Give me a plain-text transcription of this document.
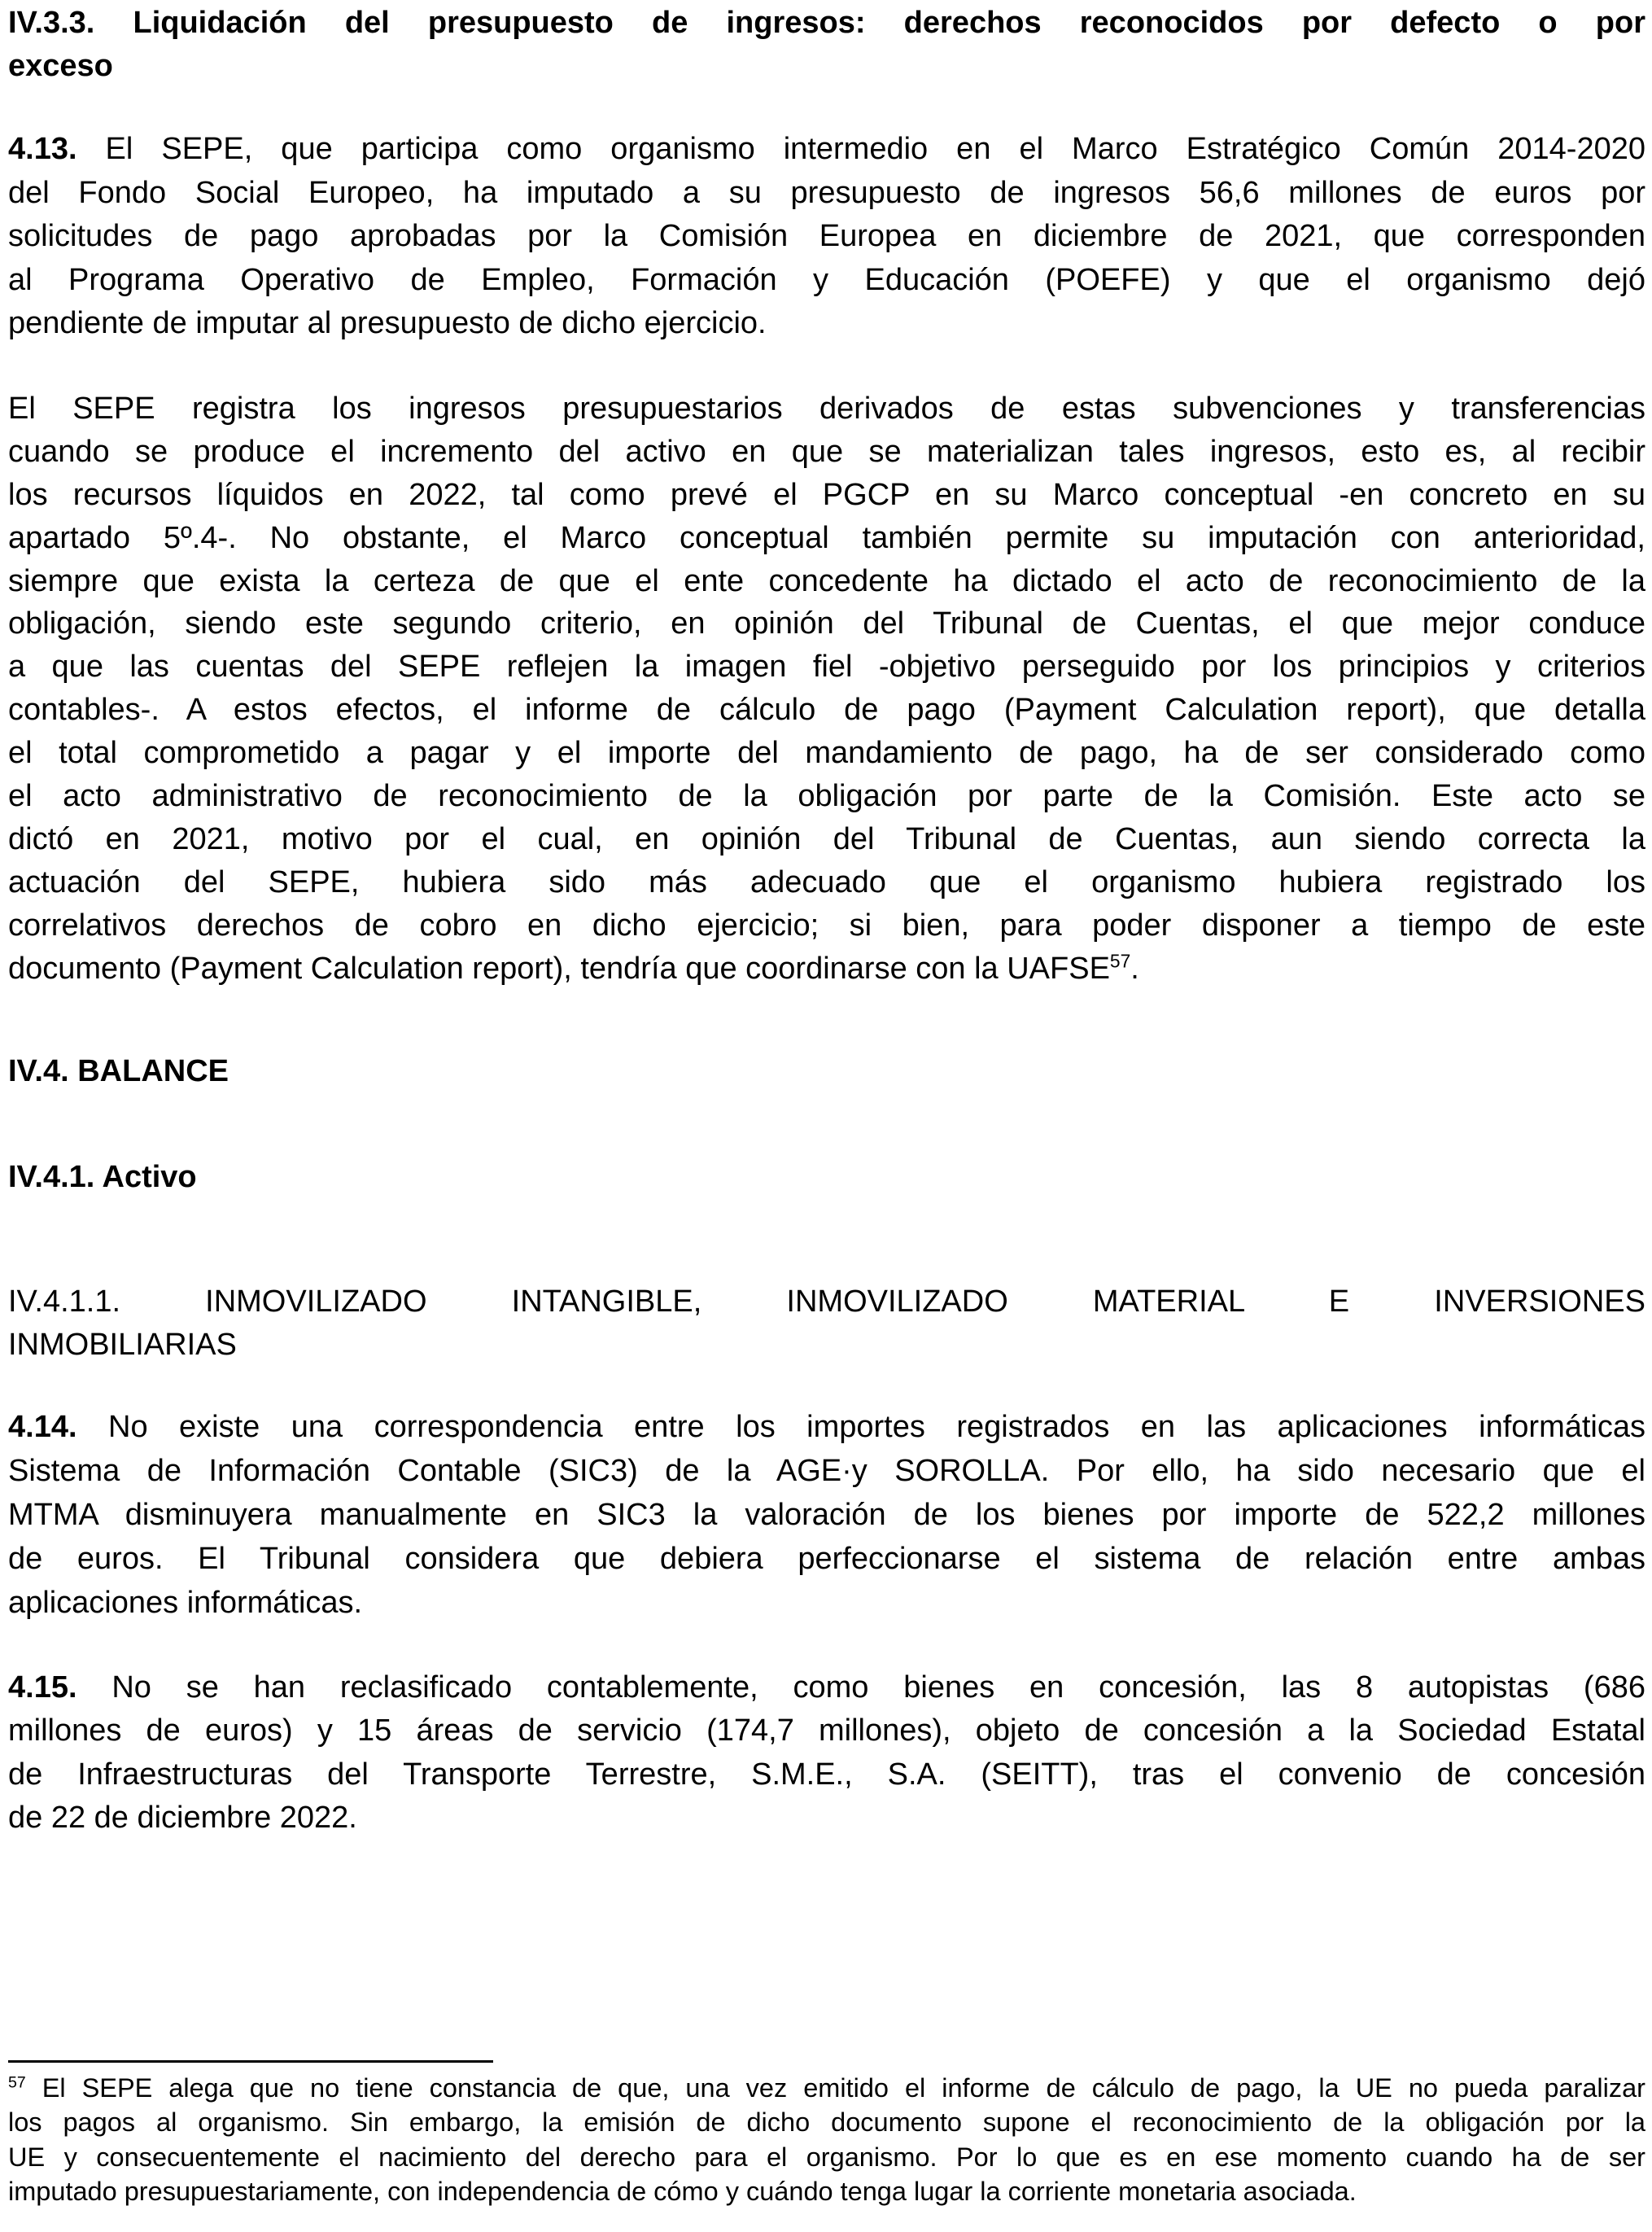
IV.3.3. Liquidación del presupuesto de ingresos: derechos reconocidos por defecto o por
exceso
4.13. El SEPE, que participa como organismo intermedio en el Marco Estratégico Común 2014-2020
del Fondo Social Europeo, ha imputado a su presupuesto de ingresos 56,6 millones de euros por
solicitudes de pago aprobadas por la Comisión Europea en diciembre de 2021, que corresponden
al Programa Operativo de Empleo, Formación y Educación (POEFE) y que el organismo dejó
pendiente de imputar al presupuesto de dicho ejercicio.
El SEPE registra los ingresos presupuestarios derivados de estas subvenciones y transferencias
cuando se produce el incremento del activo en que se materializan tales ingresos, esto es, al recibir
los recursos líquidos en 2022, tal como prevé el PGCP en su Marco conceptual -en concreto en su
apartado 5º.4-. No obstante, el Marco conceptual también permite su imputación con anterioridad,
siempre que exista la certeza de que el ente concedente ha dictado el acto de reconocimiento de la
obligación, siendo este segundo criterio, en opinión del Tribunal de Cuentas, el que mejor conduce
a que las cuentas del SEPE reflejen la imagen fiel -objetivo perseguido por los principios y criterios
contables-. A estos efectos, el informe de cálculo de pago (Payment Calculation report), que detalla
el total comprometido a pagar y el importe del mandamiento de pago, ha de ser considerado como
el acto administrativo de reconocimiento de la obligación por parte de la Comisión. Este acto se
dictó en 2021, motivo por el cual, en opinión del Tribunal de Cuentas, aun siendo correcta la
actuación del SEPE, hubiera sido más adecuado que el organismo hubiera registrado los
correlativos derechos de cobro en dicho ejercicio; si bien, para poder disponer a tiempo de este
documento (Payment Calculation report), tendría que coordinarse con la UAFSE$^{57}$.
IV.4. BALANCE
IV.4.1. Activo
IV.4.1.1. INMOVILIZADO INTANGIBLE, INMOVILIZADO MATERIAL E INVERSIONES
INMOBILIARIAS
4.14. No existe una correspondencia entre los importes registrados en las aplicaciones informáticas
Sistema de Información Contable (SIC3) de la AGE·y SOROLLA. Por ello, ha sido necesario que el
MTMA disminuyera manualmente en SIC3 la valoración de los bienes por importe de 522,2 millones
de euros. El Tribunal considera que debiera perfeccionarse el sistema de relación entre ambas
aplicaciones informáticas.
4.15. No se han reclasificado contablemente, como bienes en concesión, las 8 autopistas (686
millones de euros) y 15 áreas de servicio (174,7 millones), objeto de concesión a la Sociedad Estatal
de Infraestructuras del Transporte Terrestre, S.M.E., S.A. (SEITT), tras el convenio de concesión
de 22 de diciembre 2022.
$^{57}$ El SEPE alega que no tiene constancia de que, una vez emitido el informe de cálculo de pago, la UE no pueda paralizar
los pagos al organismo. Sin embargo, la emisión de dicho documento supone el reconocimiento de la obligación por la
UE y consecuentemente el nacimiento del derecho para el organismo. Por lo que es en ese momento cuando ha de ser
imputado presupuestariamente, con independencia de cómo y cuándo tenga lugar la corriente monetaria asociada.
